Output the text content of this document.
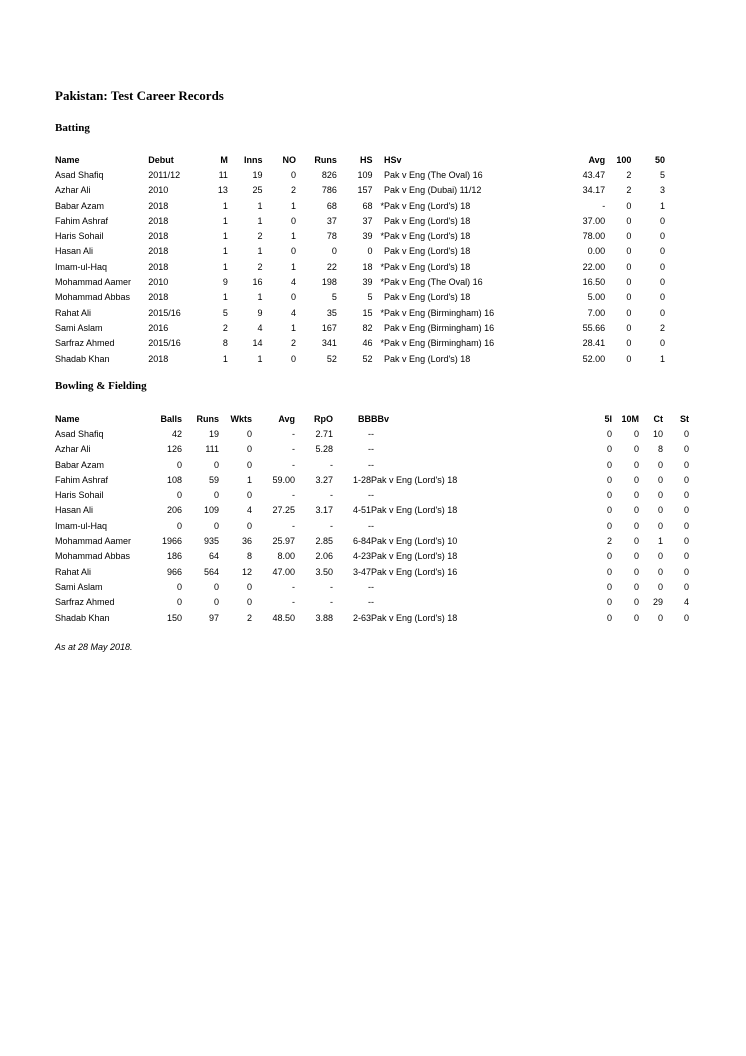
Pakistan: Test Career Records
Batting
Name	Debut	M	Inns	NO	Runs	HS		HSv	Avg	100	50
Asad Shafiq	2011/12	11	19	0	826	109		Pak v Eng (The Oval) 16	43.47	2	5
Azhar Ali	2010	13	25	2	786	157		Pak v Eng (Dubai) 11/12	34.17	2	3
Babar Azam	2018	1	1	1	68	68	*	Pak v Eng (Lord's) 18	-	0	1
Fahim Ashraf	2018	1	1	0	37	37		Pak v Eng (Lord's) 18	37.00	0	0
Haris Sohail	2018	1	2	1	78	39	*	Pak v Eng (Lord's) 18	78.00	0	0
Hasan Ali	2018	1	1	0	0	0		Pak v Eng (Lord's) 18	0.00	0	0
Imam-ul-Haq	2018	1	2	1	22	18	*	Pak v Eng (Lord's) 18	22.00	0	0
Mohammad Aamer	2010	9	16	4	198	39	*	Pak v Eng (The Oval) 16	16.50	0	0
Mohammad Abbas	2018	1	1	0	5	5		Pak v Eng (Lord's) 18	5.00	0	0
Rahat Ali	2015/16	5	9	4	35	15	*	Pak v Eng (Birmingham) 16	7.00	0	0
Sami Aslam	2016	2	4	1	167	82		Pak v Eng (Birmingham) 16	55.66	0	2
Sarfraz Ahmed	2015/16	8	14	2	341	46	*	Pak v Eng (Birmingham) 16	28.41	0	0
Shadab Khan	2018	1	1	0	52	52		Pak v Eng (Lord's) 18	52.00	0	1
Bowling & Fielding
Name	Balls	Runs	Wkts	Avg	RpO	BB	BBv	5I	10M	Ct	St
Asad Shafiq	42	19	0	-	2.71	-	-	0	0	10	0
Azhar Ali	126	111	0	-	5.28	-	-	0	0	8	0
Babar Azam	0	0	0	-	-	-	-	0	0	0	0
Fahim Ashraf	108	59	1	59.00	3.27	1-28	Pak v Eng (Lord's) 18	0	0	0	0
Haris Sohail	0	0	0	-	-	-	-	0	0	0	0
Hasan Ali	206	109	4	27.25	3.17	4-51	Pak v Eng (Lord's) 18	0	0	0	0
Imam-ul-Haq	0	0	0	-	-	-	-	0	0	0	0
Mohammad Aamer	1966	935	36	25.97	2.85	6-84	Pak v Eng (Lord's) 10	2	0	1	0
Mohammad Abbas	186	64	8	8.00	2.06	4-23	Pak v Eng (Lord's) 18	0	0	0	0
Rahat Ali	966	564	12	47.00	3.50	3-47	Pak v Eng (Lord's) 16	0	0	0	0
Sami Aslam	0	0	0	-	-	-	-	0	0	0	0
Sarfraz Ahmed	0	0	0	-	-	-	-	0	0	29	4
Shadab Khan	150	97	2	48.50	3.88	2-63	Pak v Eng (Lord's) 18	0	0	0	0
As at 28 May 2018.
